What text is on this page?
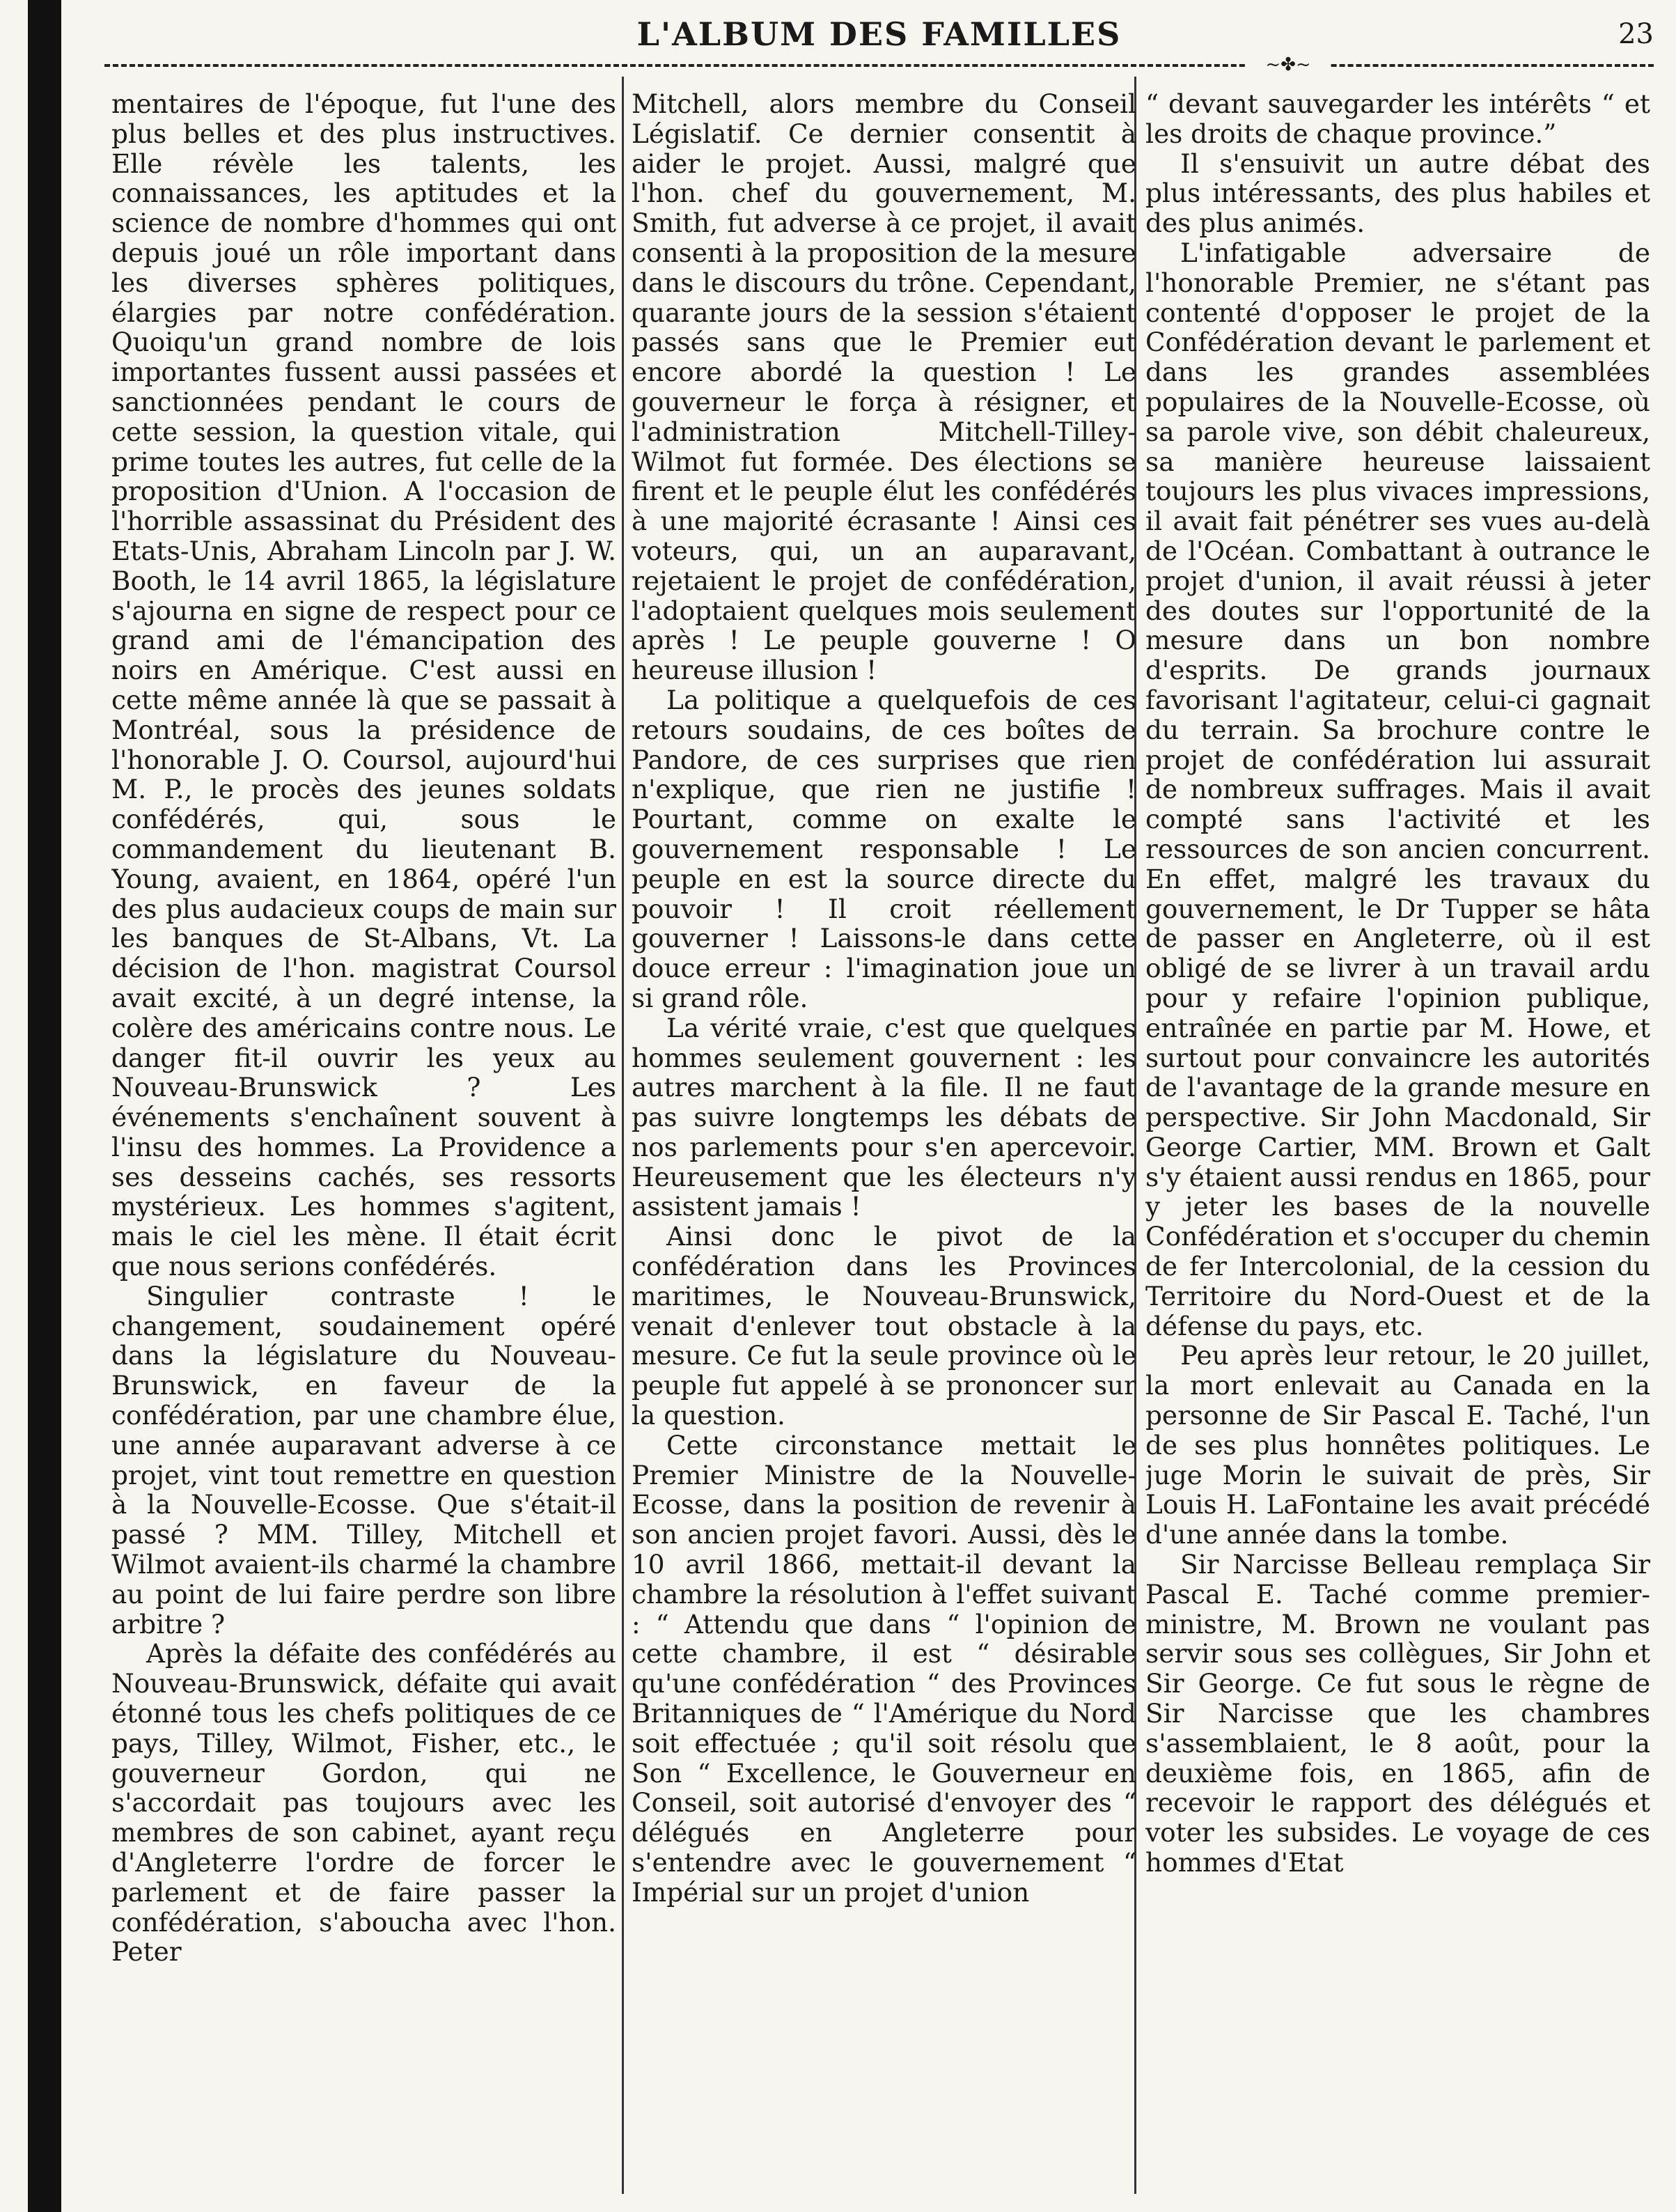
L'ALBUM DES FAMILLES	23
~✤~

mentaires de l'époque, fut l'une des plus belles et des plus instructives. Elle révèle les talents, les connaissances, les aptitudes et la science de nombre d'hommes qui ont depuis joué un rôle important dans les diverses sphères politiques, élargies par notre confédération. Quoiqu'un grand nombre de lois importantes fussent aussi passées et sanctionnées pendant le cours de cette session, la question vitale, qui prime toutes les autres, fut celle de la proposition d'Union. A l'occasion de l'horrible assassinat du Président des Etats-Unis, Abraham Lincoln par J. W. Booth, le 14 avril 1865, la législature s'ajourna en signe de respect pour ce grand ami de l'émancipation des noirs en Amérique. C'est aussi en cette même année là que se passait à Montréal, sous la présidence de l'honorable J. O. Coursol, aujourd'hui M. P., le procès des jeunes soldats confédérés, qui, sous le commandement du lieutenant B. Young, avaient, en 1864, opéré l'un des plus audacieux coups de main sur les banques de St-Albans, Vt. La décision de l'hon. magistrat Coursol avait excité, à un degré intense, la colère des américains contre nous. Le danger fit-il ouvrir les yeux au Nouveau-Brunswick ? Les événements s'enchaînent souvent à l'insu des hommes. La Providence a ses desseins cachés, ses ressorts mystérieux. Les hommes s'agitent, mais le ciel les mène. Il était écrit que nous serions confédérés.

Singulier contraste ! le changement, soudainement opéré dans la législature du Nouveau-Brunswick, en faveur de la confédération, par une chambre élue, une année auparavant adverse à ce projet, vint tout remettre en question à la Nouvelle-Ecosse. Que s'était-il passé ? MM. Tilley, Mitchell et Wilmot avaient-ils charmé la chambre au point de lui faire perdre son libre arbitre ?

Après la défaite des confédérés au Nouveau-Brunswick, défaite qui avait étonné tous les chefs politiques de ce pays, Tilley, Wilmot, Fisher, etc., le gouverneur Gordon, qui ne s'accordait pas toujours avec les membres de son cabinet, ayant reçu d'Angleterre l'ordre de forcer le parlement et de faire passer la confédération, s'aboucha avec l'hon. Peter

Mitchell, alors membre du Conseil Législatif. Ce dernier consentit à aider le projet. Aussi, malgré que l'hon. chef du gouvernement, M. Smith, fut adverse à ce projet, il avait consenti à la proposition de la mesure dans le discours du trône. Cependant, quarante jours de la session s'étaient passés sans que le Premier eut encore abordé la question ! Le gouverneur le força à résigner, et l'administration Mitchell-Tilley-Wilmot fut formée. Des élections se firent et le peuple élut les confédérés à une majorité écrasante ! Ainsi ces voteurs, qui, un an auparavant, rejetaient le projet de confédération, l'adoptaient quelques mois seulement après ! Le peuple gouverne ! O heureuse illusion !

La politique a quelquefois de ces retours soudains, de ces boîtes de Pandore, de ces surprises que rien n'explique, que rien ne justifie ! Pourtant, comme on exalte le gouvernement responsable ! Le peuple en est la source directe du pouvoir ! Il croit réellement gouverner ! Laissons-le dans cette douce erreur : l'imagination joue un si grand rôle.

La vérité vraie, c'est que quelques hommes seulement gouvernent : les autres marchent à la file. Il ne faut pas suivre longtemps les débats de nos parlements pour s'en apercevoir. Heureusement que les électeurs n'y assistent jamais !

Ainsi donc le pivot de la confédération dans les Provinces maritimes, le Nouveau-Brunswick, venait d'enlever tout obstacle à la mesure. Ce fut la seule province où le peuple fut appelé à se prononcer sur la question.

Cette circonstance mettait le Premier Ministre de la Nouvelle-Ecosse, dans la position de revenir à son ancien projet favori. Aussi, dès le 10 avril 1866, mettait-il devant la chambre la résolution à l'effet suivant : “ Attendu que dans “ l'opinion de cette chambre, il est “ désirable qu'une confédération “ des Provinces Britanniques de “ l'Amérique du Nord soit effectuée ; qu'il soit résolu que Son “ Excellence, le Gouverneur en Conseil, soit autorisé d'envoyer des “ délégués en Angleterre pour s'entendre avec le gouvernement “ Impérial sur un projet d'union

“ devant sauvegarder les intérêts “ et les droits de chaque province.”

Il s'ensuivit un autre débat des plus intéressants, des plus habiles et des plus animés.

L'infatigable adversaire de l'honorable Premier, ne s'étant pas contenté d'opposer le projet de la Confédération devant le parlement et dans les grandes assemblées populaires de la Nouvelle-Ecosse, où sa parole vive, son débit chaleureux, sa manière heureuse laissaient toujours les plus vivaces impressions, il avait fait pénétrer ses vues au-delà de l'Océan. Combattant à outrance le projet d'union, il avait réussi à jeter des doutes sur l'opportunité de la mesure dans un bon nombre d'esprits. De grands journaux favorisant l'agitateur, celui-ci gagnait du terrain. Sa brochure contre le projet de confédération lui assurait de nombreux suffrages. Mais il avait compté sans l'activité et les ressources de son ancien concurrent. En effet, malgré les travaux du gouvernement, le Dr Tupper se hâta de passer en Angleterre, où il est obligé de se livrer à un travail ardu pour y refaire l'opinion publique, entraînée en partie par M. Howe, et surtout pour convaincre les autorités de l'avantage de la grande mesure en perspective. Sir John Macdonald, Sir George Cartier, MM. Brown et Galt s'y étaient aussi rendus en 1865, pour y jeter les bases de la nouvelle Confédération et s'occuper du chemin de fer Intercolonial, de la cession du Territoire du Nord-Ouest et de la défense du pays, etc.

Peu après leur retour, le 20 juillet, la mort enlevait au Canada en la personne de Sir Pascal E. Taché, l'un de ses plus honnêtes politiques. Le juge Morin le suivait de près, Sir Louis H. LaFontaine les avait précédé d'une année dans la tombe.

Sir Narcisse Belleau remplaça Sir Pascal E. Taché comme premier-ministre, M. Brown ne voulant pas servir sous ses collègues, Sir John et Sir George. Ce fut sous le règne de Sir Narcisse que les chambres s'assemblaient, le 8 août, pour la deuxième fois, en 1865, afin de recevoir le rapport des délégués et voter les subsides. Le voyage de ces hommes d'Etat
